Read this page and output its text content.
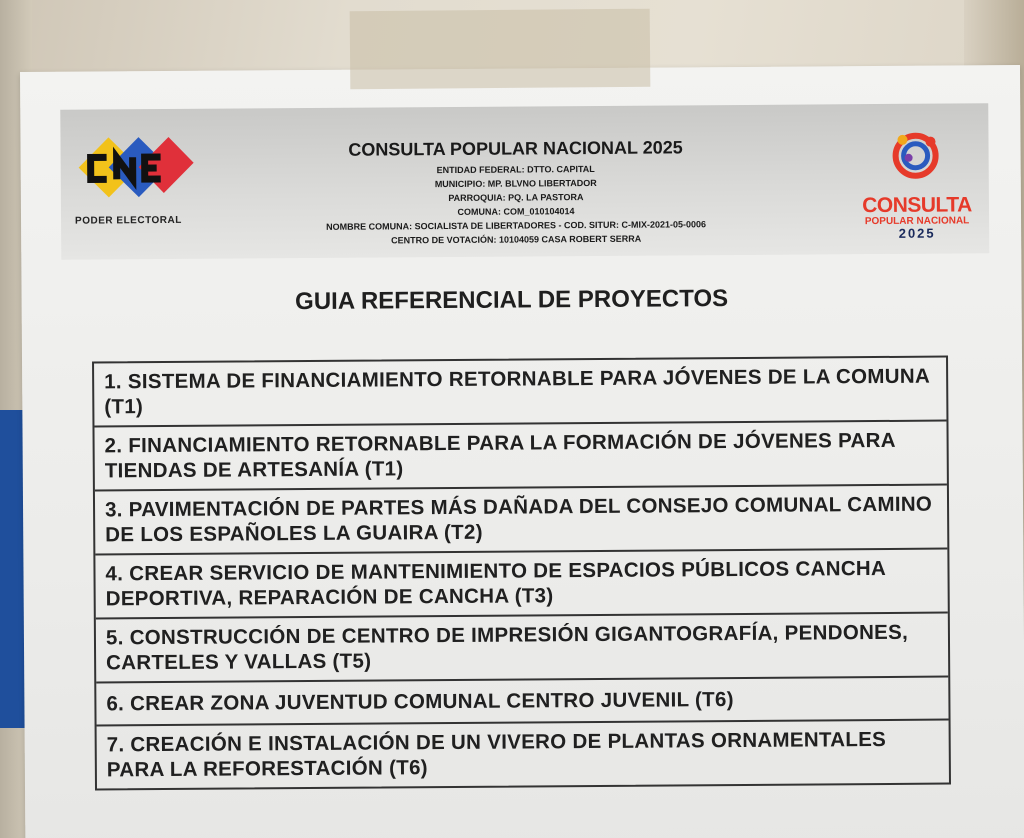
PODER ELECTORAL
CONSULTA POPULAR NACIONAL 2025
ENTIDAD FEDERAL: DTTO. CAPITAL
MUNICIPIO: MP. BLVNO LIBERTADOR
PARROQUIA: PQ. LA PASTORA
COMUNA: COM_010104014
NOMBRE COMUNA: SOCIALISTA DE LIBERTADORES - COD. SITUR: C-MIX-2021-05-0006
CENTRO DE VOTACIÓN: 10104059 CASA ROBERT SERRA
CONSULTA
POPULAR NACIONAL
2025
GUIA REFERENCIAL DE PROYECTOS
1. SISTEMA DE FINANCIAMIENTO RETORNABLE PARA JÓVENES DE LA COMUNA (T1)
2. FINANCIAMIENTO RETORNABLE PARA LA FORMACIÓN DE JÓVENES PARA TIENDAS DE ARTESANÍA (T1)
3. PAVIMENTACIÓN DE PARTES MÁS DAÑADA DEL CONSEJO COMUNAL CAMINO DE LOS ESPAÑOLES LA GUAIRA (T2)
4. CREAR SERVICIO DE MANTENIMIENTO DE ESPACIOS PÚBLICOS CANCHA DEPORTIVA, REPARACIÓN DE CANCHA (T3)
5. CONSTRUCCIÓN DE CENTRO DE IMPRESIÓN GIGANTOGRAFÍA, PENDONES, CARTELES Y VALLAS (T5)
6. CREAR ZONA JUVENTUD COMUNAL CENTRO JUVENIL (T6)
7. CREACIÓN E INSTALACIÓN DE UN VIVERO DE PLANTAS ORNAMENTALES PARA LA REFORESTACIÓN (T6)
